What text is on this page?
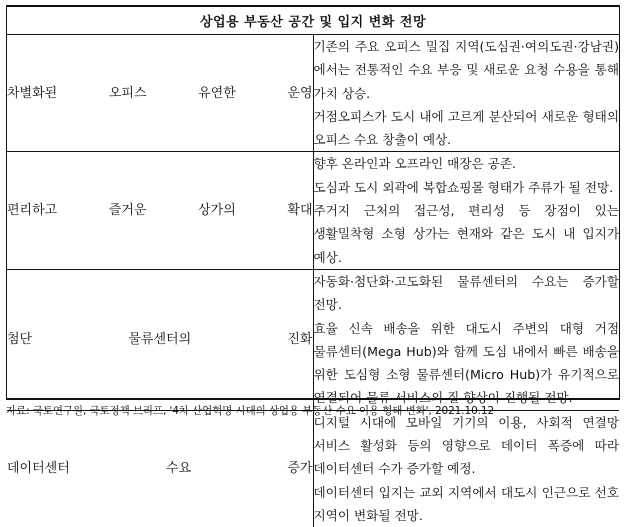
상업용 부동산 공간 및 입지 변화 전망	

차별화된 오피스 유연한 운영	기존의 주요 오피스 밀집 지역(도심권·여의도권·강남권)에서는 전통적인 수요 부응 및 새로운 요청 수용을 통해 가치 상승.

거점오피스가 도시 내에 고르게 분산되어 새로운 형태의 오피스 수요 창출이 예상.

편리하고 즐거운 상가의 확대	향후 온라인과 오프라인 매장은 공존.

도심과 도시 외곽에 복합쇼핑몰 형태가 주류가 될 전망.

주거지 근처의 접근성, 편리성 등 장점이 있는 생활밀착형 소형 상가는 현재와 같은 도시 내 입지가 예상.

첨단 물류센터의 진화	자동화·첨단화·고도화된 물류센터의 수요는 증가할 전망.

효율 신속 배송을 위한 대도시 주변의 대형 거점 물류센터(Mega Hub)와 함께 도심 내에서 빠른 배송을 위한 도심형 소형 물류센터(Micro Hub)가 유기적으로 연결되어 물류 서비스의 질 향상이 진행될 전망.

데이터센터 수요 증가	디지털 시대에 모바일 기기의 이용, 사회적 연결망 서비스 활성화 등의 영향으로 데이터 폭증에 따라 데이터센터 수가 증가할 예정.

데이터센터 입지는 교외 지역에서 대도시 인근으로 선호 지역이 변화될 전망.

자료: 국토연구원, 국토정책 브리프, '4차 산업혁명 시대의 상업용 부동산 수요·이용 형태 변화', 2021.10.12
